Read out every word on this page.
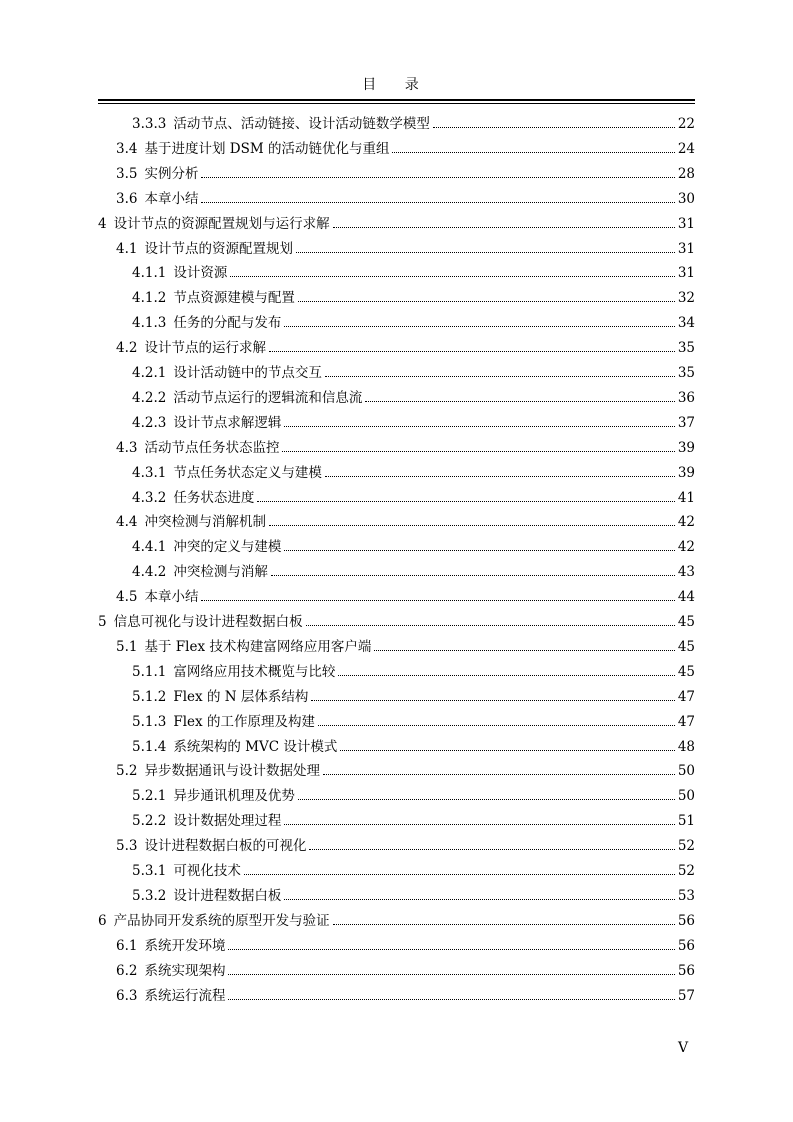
目 录
3.3.3 活动节点、活动链接、设计活动链数学模型	22
3.4 基于进度计划 DSM 的活动链优化与重组	24
3.5 实例分析	28
3.6 本章小结	30
4 设计节点的资源配置规划与运行求解	31
4.1 设计节点的资源配置规划	31
4.1.1 设计资源	31
4.1.2 节点资源建模与配置	32
4.1.3 任务的分配与发布	34
4.2 设计节点的运行求解	35
4.2.1 设计活动链中的节点交互	35
4.2.2 活动节点运行的逻辑流和信息流	36
4.2.3 设计节点求解逻辑	37
4.3 活动节点任务状态监控	39
4.3.1 节点任务状态定义与建模	39
4.3.2 任务状态进度	41
4.4 冲突检测与消解机制	42
4.4.1 冲突的定义与建模	42
4.4.2 冲突检测与消解	43
4.5 本章小结	44
5 信息可视化与设计进程数据白板	45
5.1 基于 Flex 技术构建富网络应用客户端	45
5.1.1 富网络应用技术概览与比较	45
5.1.2 Flex 的 N 层体系结构	47
5.1.3 Flex 的工作原理及构建	47
5.1.4 系统架构的 MVC 设计模式	48
5.2 异步数据通讯与设计数据处理	50
5.2.1 异步通讯机理及优势	50
5.2.2 设计数据处理过程	51
5.3 设计进程数据白板的可视化	52
5.3.1 可视化技术	52
5.3.2 设计进程数据白板	53
6 产品协同开发系统的原型开发与验证	56
6.1 系统开发环境	56
6.2 系统实现架构	56
6.3 系统运行流程	57
V
